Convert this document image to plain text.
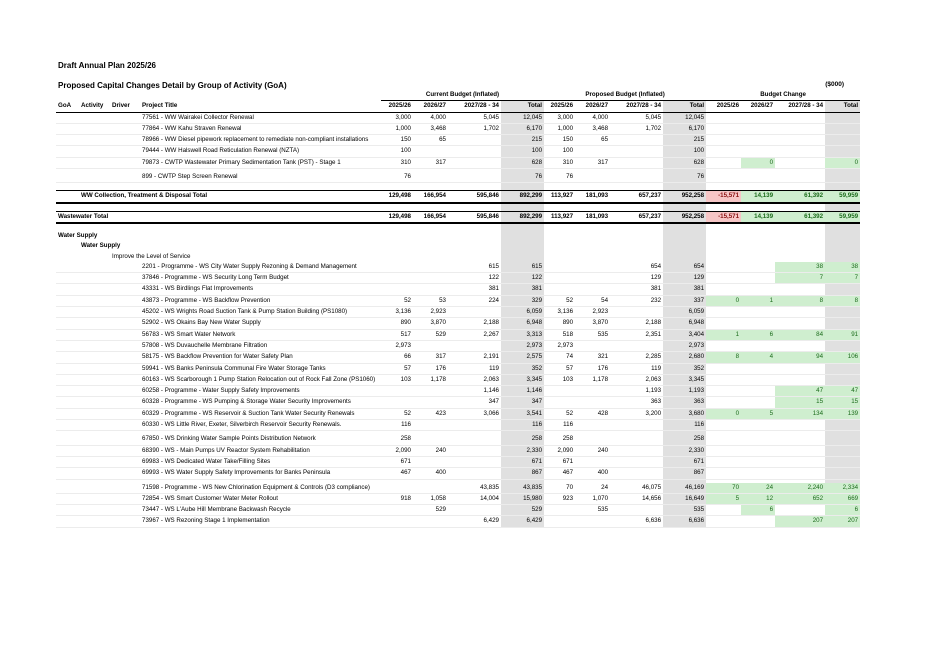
Draft Annual Plan 2025/26
Proposed Capital Changes Detail by Group of Activity (GoA)	($000)
				Current Budget (Inflated)				Proposed Budget (Inflated)				Budget Change			
GoA	Activity	Driver	Project Title	2025/26	2026/27	2027/28 - 34	Total	2025/26	2026/27	2027/28 - 34	Total	2025/26	2026/27	2027/28 - 34	Total
			77561 - WW Wairakei Collector Renewal	3,000	4,000	5,045	12,045	3,000	4,000	5,045	12,045				
			77864 - WW Kahu Straven Renewal	1,000	3,468	1,702	6,170	1,000	3,468	1,702	6,170				
			78966 - WW Diesel pipework replacement to remediate non-compliant installations	150	65		215	150	65		215				
			79444 - WW Halswell Road Reticulation Renewal (NZTA)	100			100	100			100				
			79873 - CWTP Wastewater Primary Sedimentation Tank (PST) - Stage 1	310	317		628	310	317		628		0		0

			899 - CWTP Step Screen Renewal	76			76	76			76				

	WW Collection, Treatment & Disposal Total			129,498	166,954	595,846	892,299	113,927	181,093	657,237	952,258	-15,571	14,139	61,392	59,959

Wastewater Total				129,498	166,954	595,846	892,299	113,927	181,093	657,237	952,258	-15,571	14,139	61,392	59,959

Water Supply															
	Water Supply														
		Improve the Level of Service													
			2201 - Programme - WS City Water Supply Rezoning & Demand Management			615	615			654	654			38	38
			37846 - Programme - WS Security Long Term Budget			122	122			129	129			7	7
			43331 - WS Birdlings Flat Improvements			381	381			381	381				
			43873 - Programme - WS Backflow Prevention	52	53	224	329	52	54	232	337	0	1	8	8
			45202 - WS Wrights Road Suction Tank & Pump Station Building (PS1080)	3,136	2,923		6,059	3,136	2,923		6,059				
			52902 - WS Okains Bay New Water Supply	890	3,870	2,188	6,948	890	3,870	2,188	6,948				
			56783 - WS Smart Water Network	517	529	2,267	3,313	518	535	2,351	3,404	1	6	84	91
			57808 - WS Duvauchelle Membrane Filtration	2,973			2,973	2,973			2,973				
			58175 - WS Backflow Prevention for Water Safety Plan	66	317	2,191	2,575	74	321	2,285	2,680	8	4	94	106
			59941 - WS Banks Peninsula Communal Fire Water Storage Tanks	57	176	119	352	57	176	119	352				
			60163 - WS Scarborough 1 Pump Station Relocation out of Rock Fall Zone (PS1060)	103	1,178	2,063	3,345	103	1,178	2,063	3,345				
			60258 - Programme - Water Supply Safety Improvements			1,146	1,146			1,193	1,193			47	47
			60328 - Programme - WS Pumping & Storage Water Security Improvements			347	347			363	363			15	15
			60329 - Programme - WS Reservoir & Suction Tank Water Security Renewals	52	423	3,066	3,541	52	428	3,200	3,680	0	5	134	139
			60330 - WS Little River, Exeter, Silverbirch Reservoir Security Renewals.	116			116	116			116				

			67850 - WS Drinking Water Sample Points Distribution Network	258			258	258			258				
			68390 - WS - Main Pumps UV Reactor System Rehabilitation	2,090	240		2,330	2,090	240		2,330				
			69983 - WS Dedicated Water Take/Filling Sites	671			671	671			671				
			69993 - WS Water Supply Safety Improvements for Banks Peninsula	467	400		867	467	400		867				

			71598 - Programme - WS New Chlorination Equipment & Controls (D3 compliance)			43,835	43,835	70	24	46,075	46,169	70	24	2,240	2,334
			72854 - WS Smart Customer Water Meter Rollout	918	1,058	14,004	15,980	923	1,070	14,656	16,649	5	12	652	669
			73447 - WS L'Aube Hill Membrane Backwash Recycle		529		529		535		535		6		6
			73967 - WS Rezoning Stage 1 Implementation			6,429	6,429			6,636	6,636			207	207
